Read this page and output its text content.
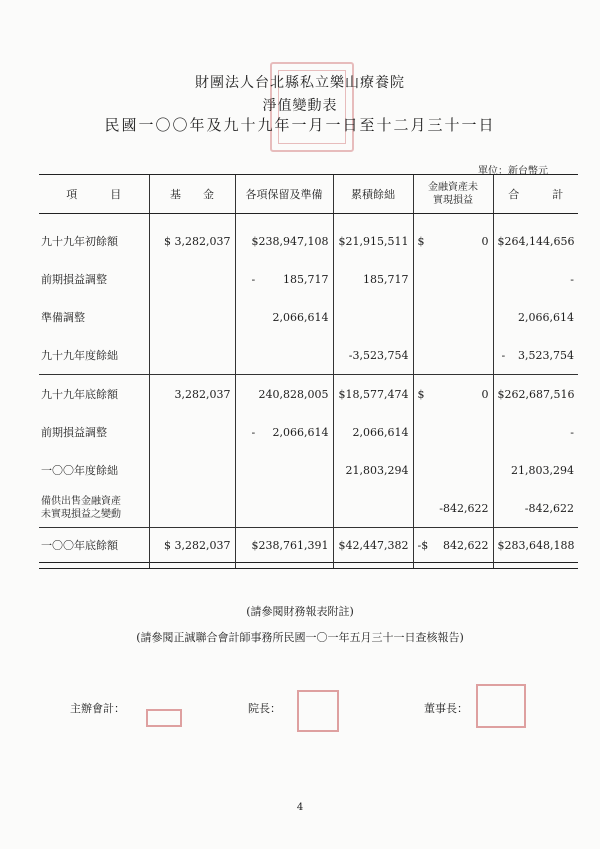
財團法人台北縣私立樂山療養院
淨值變動表
民國一〇〇年及九十九年一月一日至十二月三十一日
單位：新台幣元
項　　　目	基　　金	各項保留及準備	累積餘絀	金融資產未
實現損益	合　　　計

九十九年初餘額	$ 3,282,037	$238,947,108	$21,915,511	$ 0	$264,144,656
前期損益調整		- 185,717	185,717		-
準備調整		2,066,614			2,066,614
九十九年度餘絀			-3,523,754		- 3,523,754
九十九年底餘額	3,282,037	240,828,005	$18,577,474	$ 0	$262,687,516
前期損益調整		- 2,066,614	2,066,614		-
一〇〇年度餘絀			21,803,294		21,803,294
備供出售金融資產
未實現損益之變動				-842,622	-842,622
一〇〇年底餘額	$ 3,282,037	$238,761,391	$42,447,382	-$ 842,622	$283,648,188

(請參閱財務報表附註)
(請參閱正誠聯合會計師事務所民國一〇一年五月三十一日查核報告)
主辦會計：	院長：	董事長：
4
